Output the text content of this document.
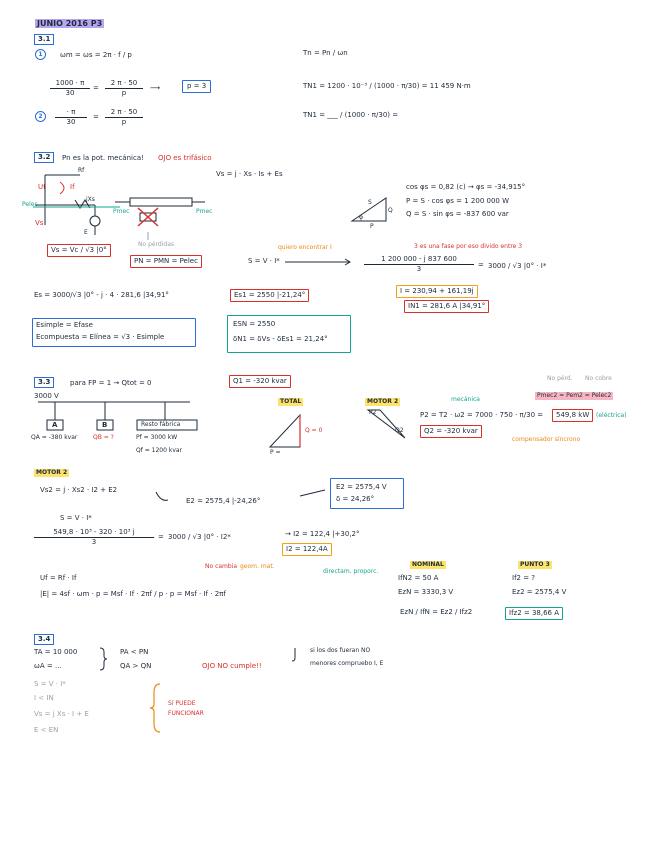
JUNIO 2016 P3
3.1
1	ωm = ωs = 2π · f / p
$\frac{1000 \cdot \pi}{30} = \frac{2 \pi \cdot 50}{p}$ ⟶	p = 3
Tn = Pn / ωn
TN1 = 1200 · 10⁻³ / (1000 · π/30) = 11 459 N·m
2	$\frac{\cdot \pi}{30} = \frac{2 \pi \cdot 50}{p}$	TN1 = ___ / (1000 · π/30) =
3.2	Pn es la pot. mecánica! OJO es trifásico
Vs = j · Xs · Is + Es
Rf
Uf	If
jXs
Pelec
Pmec	Pmec
Vs
E
No pérdidas
Vs = Vc / √3 |0°
PN = PMN = Pelec
cos φs = 0,82 (c) → φs = -34,915°
P = S · cos φs = 1 200 000 W
Q = S · sin φs = -837 600 var
S
Q
P
φ
quiero encontrar I
S = V · I*
3 es una fase por eso divido entre 3
$\frac{1 200 000 - j 837 600}{3} = 3000 / √3$ |0° · I*
I = 230,94 + 161,19j
IN1 = 281,6 A |34,91°
Es = 3000/√3 |0° - j · 4 · 281,6 |34,91°	Es1 = 2550 |-21,24°
Esimple = Efase
Ecompuesta = Elínea = √3 · Esimple
ESN = 2550
δN1 = δVs - δEs1 = 21,24°
3.3	para FP = 1 → Qtot = 0	Q1 = -320 kvar
3000 V
A	B	Resto fábrica
QA = -380 kvar	QB = ?	Pf = 3000 kW
Qf = 1200 kvar
TOTAL
Q = 0
P =
MOTOR 2
P2
Q2
No pérd. No cobre
Pmec2 = Pem2 = Pelec2
mecánica
P2 = T2 · ω2 = 7000 · 750 · π/30 =	549,8 kW	(eléctrica)
Q2 = -320 kvar
compensador síncrono
MOTOR 2
Vs2 = j · Xs2 · I2 + E2
E2 = 2575,4 |-24,26°
E2 = 2575,4 V
δ = 24,26°
S = V · I*
$\frac{\text{549,8 · 10³ - 320 · 10³ j}}{3} = 3000 / √3$ |0° · I2*	→ I2 = 122,4 |+30,2°
I2 = 122,4A
Uf = Rf · If
No cambia geom. mat.
directam. proporc.
|E| = 4sf · ωm · p = Msf · If · 2πf / p · p = Msf · If · 2πf
NOMINAL
IfN2 = 50 A
EzN = 3330,3 V
PUNTO 3
If2 = ?
Ez2 = 2575,4 V
EzN / IfN = Ez2 / Ifz2	Ifz2 = 38,66 A
3.4
TA = 10 000
ωA = ...
PA < PN
QA > QN	OJO NO cumple!!
si los dos fueran NO
menores compruebo I, E
S = V · I*
I < IN
Vs = j Xs · I + E
E < EN
Sí PUEDE
FUNCIONAR
